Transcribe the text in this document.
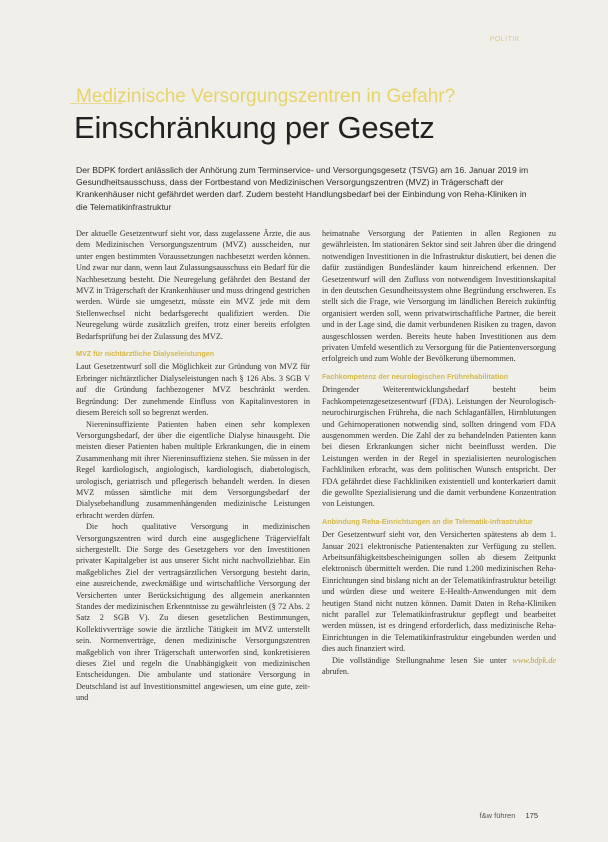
POLITIK
Medizinische Versorgungszentren in Gefahr?
Einschränkung per Gesetz
Der BDPK fordert anlässlich der Anhörung zum Terminservice- und Versorgungsgesetz (TSVG) am 16. Januar 2019 im Gesundheitsausschuss, dass der Fortbestand von Medizinischen Versorgungszentren (MVZ) in Trägerschaft der Krankenhäuser nicht gefährdet werden darf. Zudem besteht Handlungsbedarf bei der Einbindung von Reha-Kliniken in die Telematikinfrastruktur

Der aktuelle Gesetzentwurf sieht vor, dass zugelassene Ärzte, die aus dem Medizinischen Versorgungszentrum (MVZ) ausscheiden, nur unter engen bestimmten Voraussetzungen nachbesetzt werden können. Und zwar nur dann, wenn laut Zulassungsausschuss ein Bedarf für die Nachbesetzung besteht. Die Neuregelung gefährdet den Bestand der MVZ in Trägerschaft der Krankenhäuser und muss dringend gestrichen werden. Würde sie umgesetzt, müsste ein MVZ jede mit dem Stellenwechsel nicht bedarfsgerecht qualifiziert werden. Die Neuregelung würde zusätzlich greifen, trotz einer bereits erfolgten Bedarfsprüfung bei der Zulassung des MVZ.

MVZ für nichtärztliche Dialyseleistungen

Laut Gesetzentwurf soll die Möglichkeit zur Gründung von MVZ für Erbringer nichtärztlicher Dialyseleistungen nach § 126 Abs. 3 SGB V auf die Gründung fachbezogener MVZ beschränkt werden. Begründung: Der zunehmende Einfluss von Kapitalinvestoren in diesem Bereich soll so begrenzt werden.

Niereninsuffiziente Patienten haben einen sehr komplexen Versorgungsbedarf, der über die eigentliche Dialyse hinausgeht. Die meisten dieser Patienten haben multiple Erkrankungen, die in einem Zusammenhang mit ihrer Niereninsuffizienz stehen. Sie müssen in der Regel kardiologisch, angiologisch, kardiologisch, diabetologisch, urologisch, geriatrisch und pflegerisch behandelt werden. In diesen MVZ müssen sämtliche mit dem Versorgungsbedarf der Dialysebehandlung zusammenhängenden medizinische Leistungen erbracht werden dürfen.

Die hoch qualitative Versorgung in medizinischen Versorgungszentren wird durch eine ausgeglichene Trägervielfalt sichergestellt. Die Sorge des Gesetzgebers vor den Investitionen privater Kapitalgeber ist aus unserer Sicht nicht nachvollziehbar. Ein maßgebliches Ziel der vertragsärztlichen Versorgung besteht darin, eine ausreichende, zweckmäßige und wirtschaftliche Versorgung der Versicherten unter Berücksichtigung des allgemein anerkannten Standes der medizinischen Erkenntnisse zu gewährleisten (§ 72 Abs. 2 Satz 2 SGB V). Zu diesen gesetzlichen Bestimmungen, Kollektivverträge sowie die ärztliche Tätigkeit im MVZ unterstellt sein. Normenverträge, denen medizinische Versorgungszentren maßgeblich von ihrer Trägerschaft unterworfen sind, konkretisieren dieses Ziel und regeln die Unabhängigkeit von medizinischen Entscheidungen. Die ambulante und stationäre Versorgung in Deutschland ist auf Investitionsmittel angewiesen, um eine gute, zeit- und

heimatnahe Versorgung der Patienten in allen Regionen zu gewährleisten. Im stationären Sektor sind seit Jahren über die dringend notwendigen Investitionen in die Infrastruktur diskutiert, bei denen die dafür zuständigen Bundesländer kaum hinreichend erkennen. Der Gesetzentwurf will den Zufluss von notwendigem Investitionskapital in den deutschen Gesundheitssystem ohne Begründung erschweren. Es stellt sich die Frage, wie Versorgung im ländlichen Bereich zukünftig organisiert werden soll, wenn privatwirtschaftliche Partner, die bereit und in der Lage sind, die damit verbundenen Risiken zu tragen, davon ausgeschlossen werden. Bereits heute haben Investitionen aus dem privaten Umfeld wesentlich zu Versorgung für die Patientenversorgung erfolgreich und zum Wohle der Bevölkerung übernommen.

Fachkompetenz der neurologischen Frührehabilitation

Dringender Weiterentwicklungsbedarf besteht beim Fachkompetenzgesetzesentwurf (FDA). Leistungen der Neurologisch-neurochirurgischen Frühreha, die nach Schlaganfällen, Hirnblutungen und Gehirnoperationen notwendig sind, sollten dringend vom FDA ausgenommen werden. Die Zahl der zu behandelnden Patienten kann bei diesen Erkrankungen sicher nicht beeinflusst werden. Die Leistungen werden in der Regel in spezialisierten neurologischen Fachkliniken erbracht, was dem politischen Wunsch entspricht. Der FDA gefährdet diese Fachkliniken existentiell und konterkariert damit die gewollte Spezialisierung und die damit verbundene Konzentration von Leistungen.

Anbindung Reha-Einrichtungen an die Telematik-Infrastruktur

Der Gesetzentwurf sieht vor, den Versicherten spätestens ab dem 1. Januar 2021 elektronische Patientenakten zur Verfügung zu stellen. Arbeitsunfähigkeitsbescheinigungen sollen ab diesem Zeitpunkt elektronisch übermittelt werden. Die rund 1.200 medizinischen Reha-Einrichtungen sind bislang nicht an der Telematikinfrastruktur beteiligt und würden diese und weitere E-Health-Anwendungen mit dem heutigen Stand nicht nutzen können. Damit Daten in Reha-Kliniken nicht parallel zur Telematikinfrastruktur gepflegt und bearbeitet werden müssen, ist es dringend erforderlich, dass medizinische Reha-Einrichtungen in die Telematikinfrastruktur eingebunden werden und dies auch finanziert wird.

Die vollständige Stellungnahme lesen Sie unter www.bdpk.de abrufen.

f&w führen 175
